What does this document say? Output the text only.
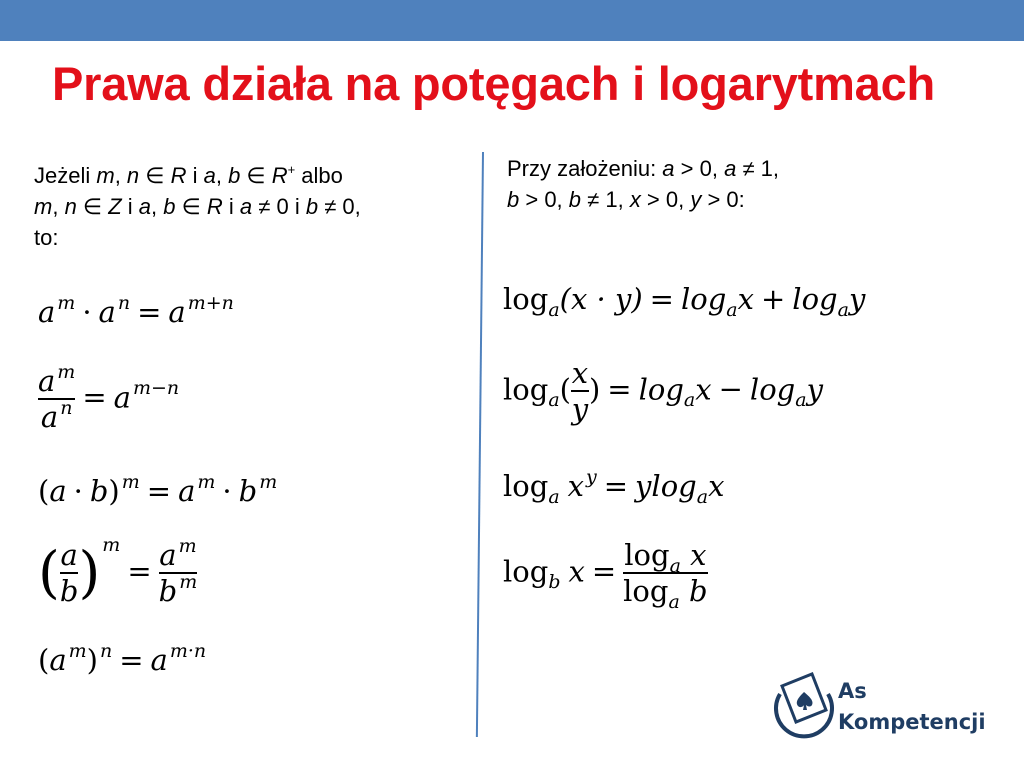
Prawa działa na potęgach i logarytmach
Jeżeli m, n ∈ R i a, b ∈ R+ albo
m, n ∈ Z i a, b ∈ R i a ≠ 0 i b ≠ 0,
to:
Przy założeniu: a > 0, a ≠ 1,
b > 0, b ≠ 1, x > 0, y > 0:
a $^m$ · a $^n$ = a $^{m+n}$
$\frac{a ^m}{a ^n} = a$ $^{m-n}$
(a · b) $^m$ = a $^m$ · b $^m$
( $\frac{a}{b}$ ) $^m= \frac{a ^m}{b ^m}$
(a $^m$) $^n$ = a $^{m\cdot n}$
$\log_a(x \cdot y) = \log_ax + \log_ay$
$\log_a( \frac{x}{y}$ ) = $\log_ax - \log_ay$
$\log_a x$ $^y$ = ylog$_a$x
$\log_b x = \frac{\log_a x}{\log_a b}$
As
Kompetencji
